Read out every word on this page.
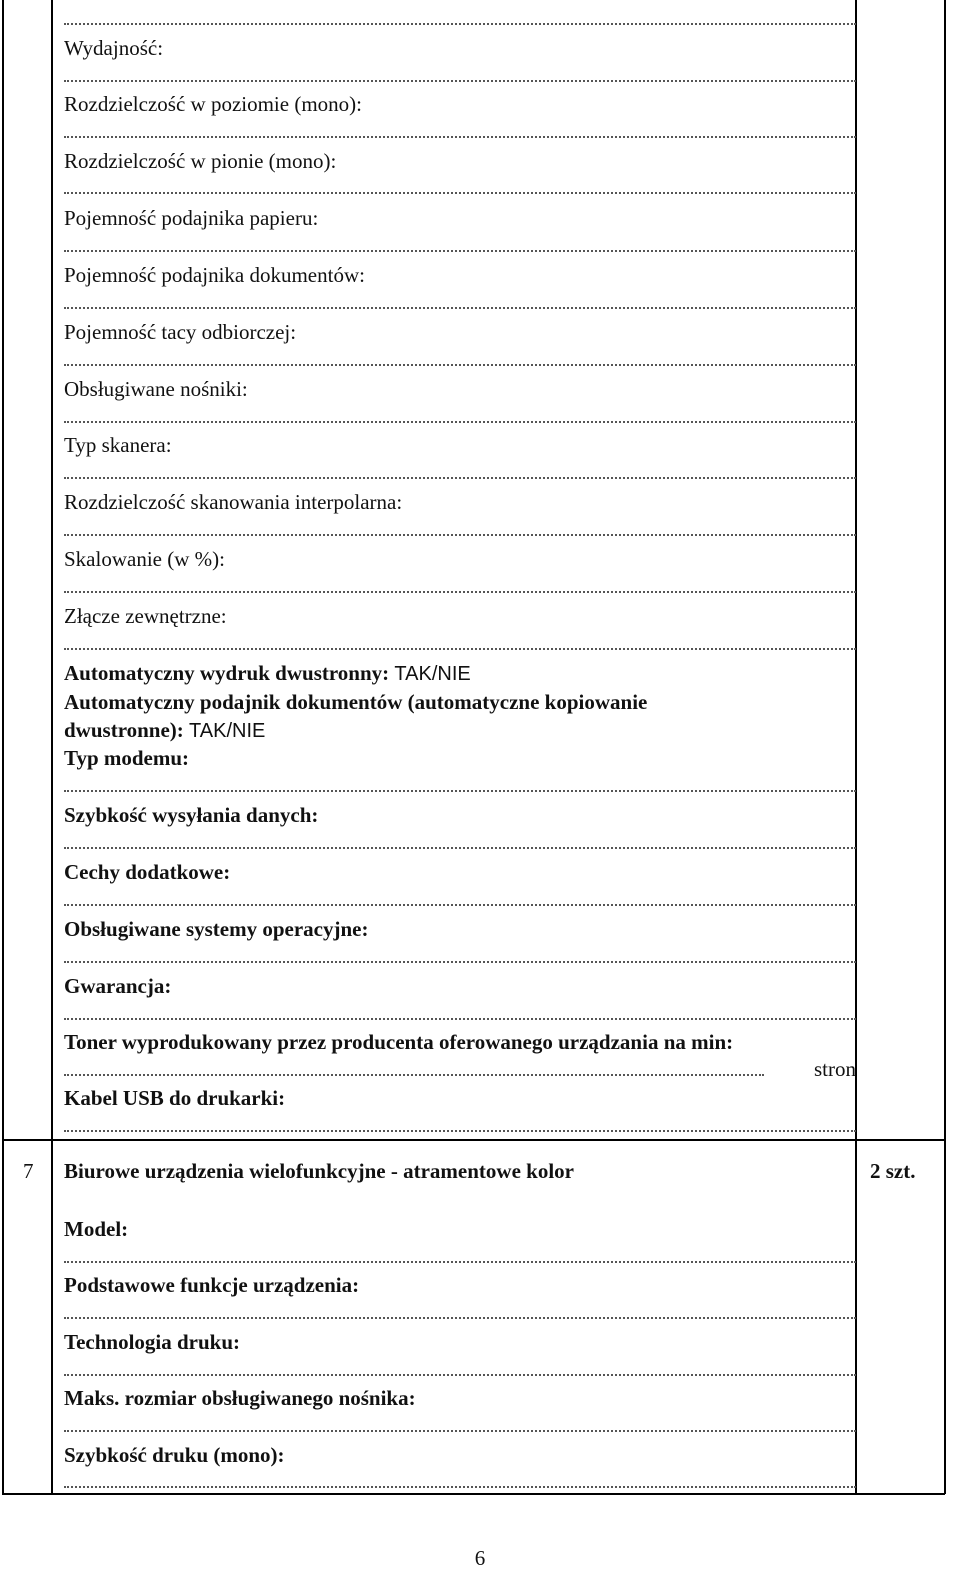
Wydajność:
Rozdzielczość w poziomie (mono):
Rozdzielczość w pionie (mono):
Pojemność podajnika papieru:
Pojemność podajnika dokumentów:
Pojemność tacy odbiorczej:
Obsługiwane nośniki:
Typ skanera:
Rozdzielczość skanowania interpolarna:
Skalowanie (w %):
Złącze zewnętrzne:
Automatyczny wydruk dwustronny: TAK/NIE
Automatyczny podajnik dokumentów (automatyczne kopiowanie
dwustronne): TAK/NIE
Typ modemu:
Szybkość wysyłania danych:
Cechy dodatkowe:
Obsługiwane systemy operacyjne:
Gwarancja:
Toner wyprodukowany przez producenta oferowanego urządzania na min:
stron
Kabel USB do drukarki:
7 Biurowe urządzenia wielofunkcyjne - atramentowe kolor	2 szt.
Model:
Podstawowe funkcje urządzenia:
Technologia druku:
Maks. rozmiar obsługiwanego nośnika:
Szybkość druku (mono):
6
